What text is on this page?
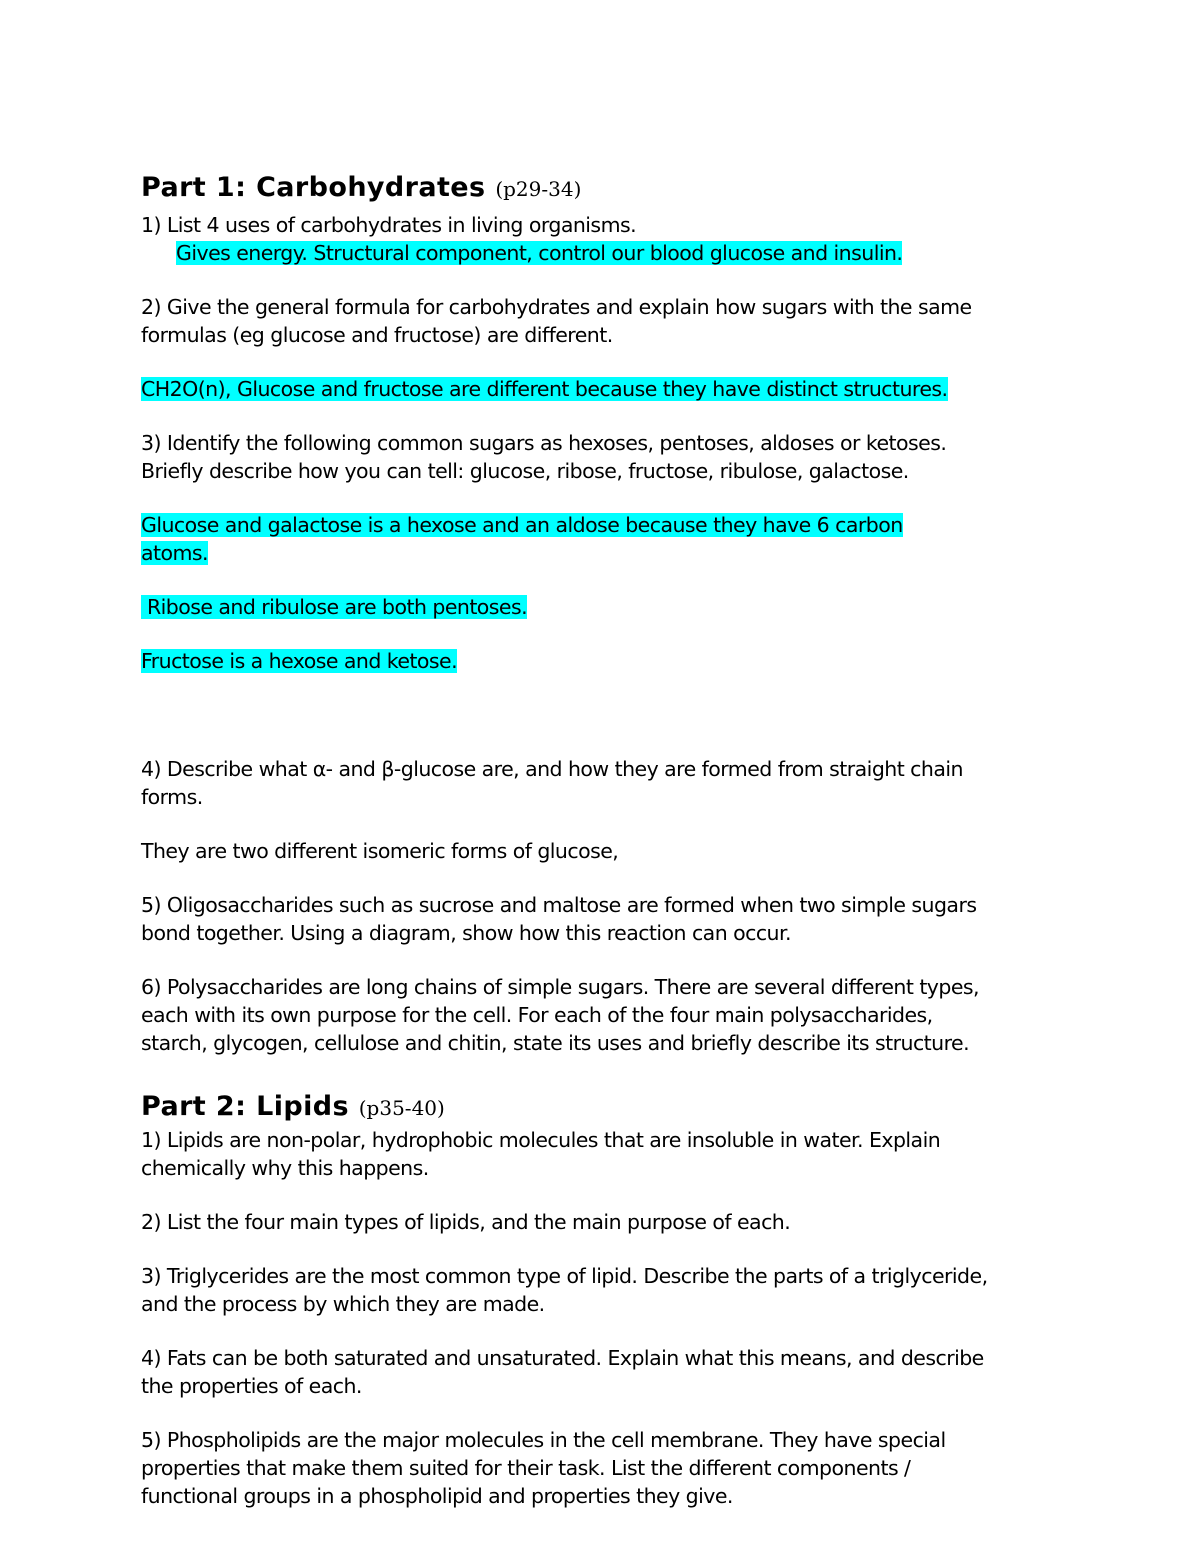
Part 1: Carbohydrates (p29-34)

1) List 4 uses of carbohydrates in living organisms.

Gives energy. Structural component, control our blood glucose and insulin.

2) Give the general formula for carbohydrates and explain how sugars with the same

formulas (eg glucose and fructose) are different.

CH2O(n), Glucose and fructose are different because they have distinct structures.

3) Identify the following common sugars as hexoses, pentoses, aldoses or ketoses.

Briefly describe how you can tell: glucose, ribose, fructose, ribulose, galactose.

Glucose and galactose is a hexose and an aldose because they have 6 carbon

atoms.

Ribose and ribulose are both pentoses.

Fructose is a hexose and ketose.

4) Describe what α- and β-glucose are, and how they are formed from straight chain

forms.

They are two different isomeric forms of glucose,

5) Oligosaccharides such as sucrose and maltose are formed when two simple sugars

bond together. Using a diagram, show how this reaction can occur.

6) Polysaccharides are long chains of simple sugars. There are several different types,

each with its own purpose for the cell. For each of the four main polysaccharides,

starch, glycogen, cellulose and chitin, state its uses and briefly describe its structure.

Part 2: Lipids (p35-40)

1) Lipids are non-polar, hydrophobic molecules that are insoluble in water. Explain

chemically why this happens.

2) List the four main types of lipids, and the main purpose of each.

3) Triglycerides are the most common type of lipid. Describe the parts of a triglyceride,

and the process by which they are made.

4) Fats can be both saturated and unsaturated. Explain what this means, and describe

the properties of each.

5) Phospholipids are the major molecules in the cell membrane. They have special

properties that make them suited for their task. List the different components /

functional groups in a phospholipid and properties they give.
